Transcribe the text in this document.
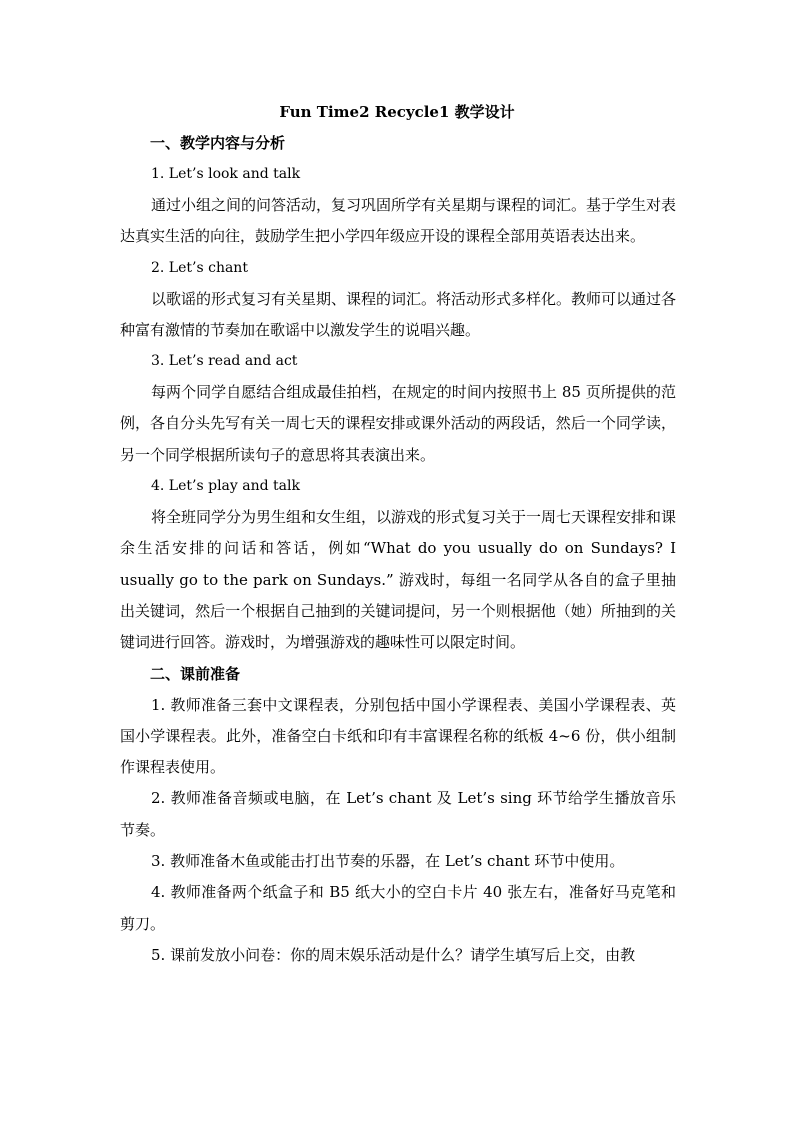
Fun Time2 Recycle1 教学设计

一、教学内容与分析

1. Let’s look and talk

通过小组之间的问答活动，复习巩固所学有关星期与课程的词汇。基于学生对表达真实生活的向往，鼓励学生把小学四年级应开设的课程全部用英语表达出来。

2. Let’s chant

以歌谣的形式复习有关星期、课程的词汇。将活动形式多样化。教师可以通过各种富有激情的节奏加在歌谣中以激发学生的说唱兴趣。

3. Let’s read and act

每两个同学自愿结合组成最佳拍档，在规定的时间内按照书上 85 页所提供的范例，各自分头先写有关一周七天的课程安排或课外活动的两段话，然后一个同学读，另一个同学根据所读句子的意思将其表演出来。

4. Let’s play and talk

将全班同学分为男生组和女生组，以游戏的形式复习关于一周七天课程安排和课余生活安排的问话和答话，例如“What do you usually do on Sundays? I usually go to the park on Sundays.” 游戏时，每组一名同学从各自的盒子里抽出关键词，然后一个根据自己抽到的关键词提问，另一个则根据他（她）所抽到的关键词进行回答。游戏时，为增强游戏的趣味性可以限定时间。

二、课前准备

1. 教师准备三套中文课程表，分别包括中国小学课程表、美国小学课程表、英国小学课程表。此外，准备空白卡纸和印有丰富课程名称的纸板 4~6 份，供小组制作课程表使用。

2. 教师准备音频或电脑，在 Let’s chant 及 Let’s sing 环节给学生播放音乐节奏。

3. 教师准备木鱼或能击打出节奏的乐器，在 Let’s chant 环节中使用。

4. 教师准备两个纸盒子和 B5 纸大小的空白卡片 40 张左右，准备好马克笔和剪刀。

5. 课前发放小问卷：你的周末娱乐活动是什么？请学生填写后上交，由教
